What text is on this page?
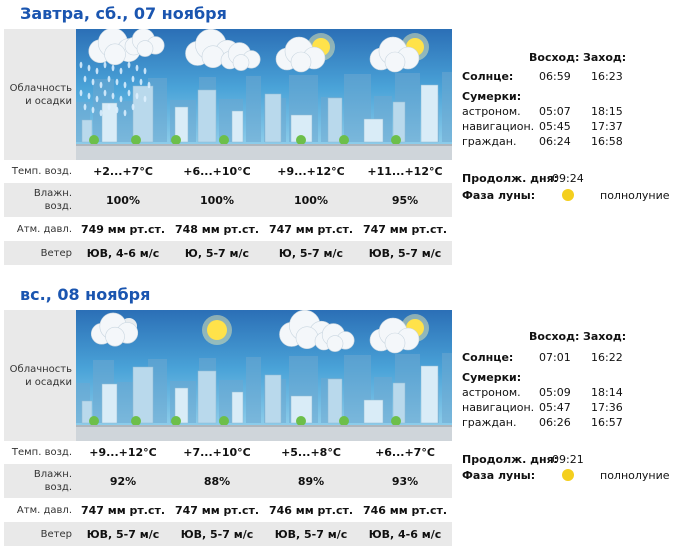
Завтра, сб., 07 ноября
Облачность
и осадки
Темп. возд.	+2...+7°C	+6...+10°C	+9...+12°C	+11...+12°C
Влажн.
возд.	100%	100%	100%	95%
Атм. давл. 749 мм рт.ст. 748 мм рт.ст. 747 мм рт.ст. 747 мм рт.ст.
Ветер	ЮВ, 4-6 м/с	Ю, 5-7 м/с	Ю, 5-7 м/с	ЮВ, 5-7 м/с
Восход: Заход:
Солнце: 06:59 16:23
Сумерки:
астроном. 05:07 18:15
навигацион. 05:45 17:37
граждан. 06:24 16:58
Продолж. дня:
09:24
Фаза луны:	полнолуние
вс., 08 ноября
Облачность
и осадки
Темп. возд.	+9...+12°C	+7...+10°C	+5...+8°C	+6...+7°C
Влажн.
возд.	92%	88%	89%	93%
Атм. давл. 747 мм рт.ст. 747 мм рт.ст. 746 мм рт.ст. 746 мм рт.ст.
Ветер	ЮВ, 5-7 м/с	ЮВ, 5-7 м/с	ЮВ, 5-7 м/с	ЮВ, 4-6 м/с
Восход: Заход:
Солнце: 07:01 16:22
Сумерки:
астроном. 05:09 18:14
навигацион. 05:47 17:36
граждан. 06:26 16:57
Продолж. дня:
09:21
Фаза луны:	полнолуние
